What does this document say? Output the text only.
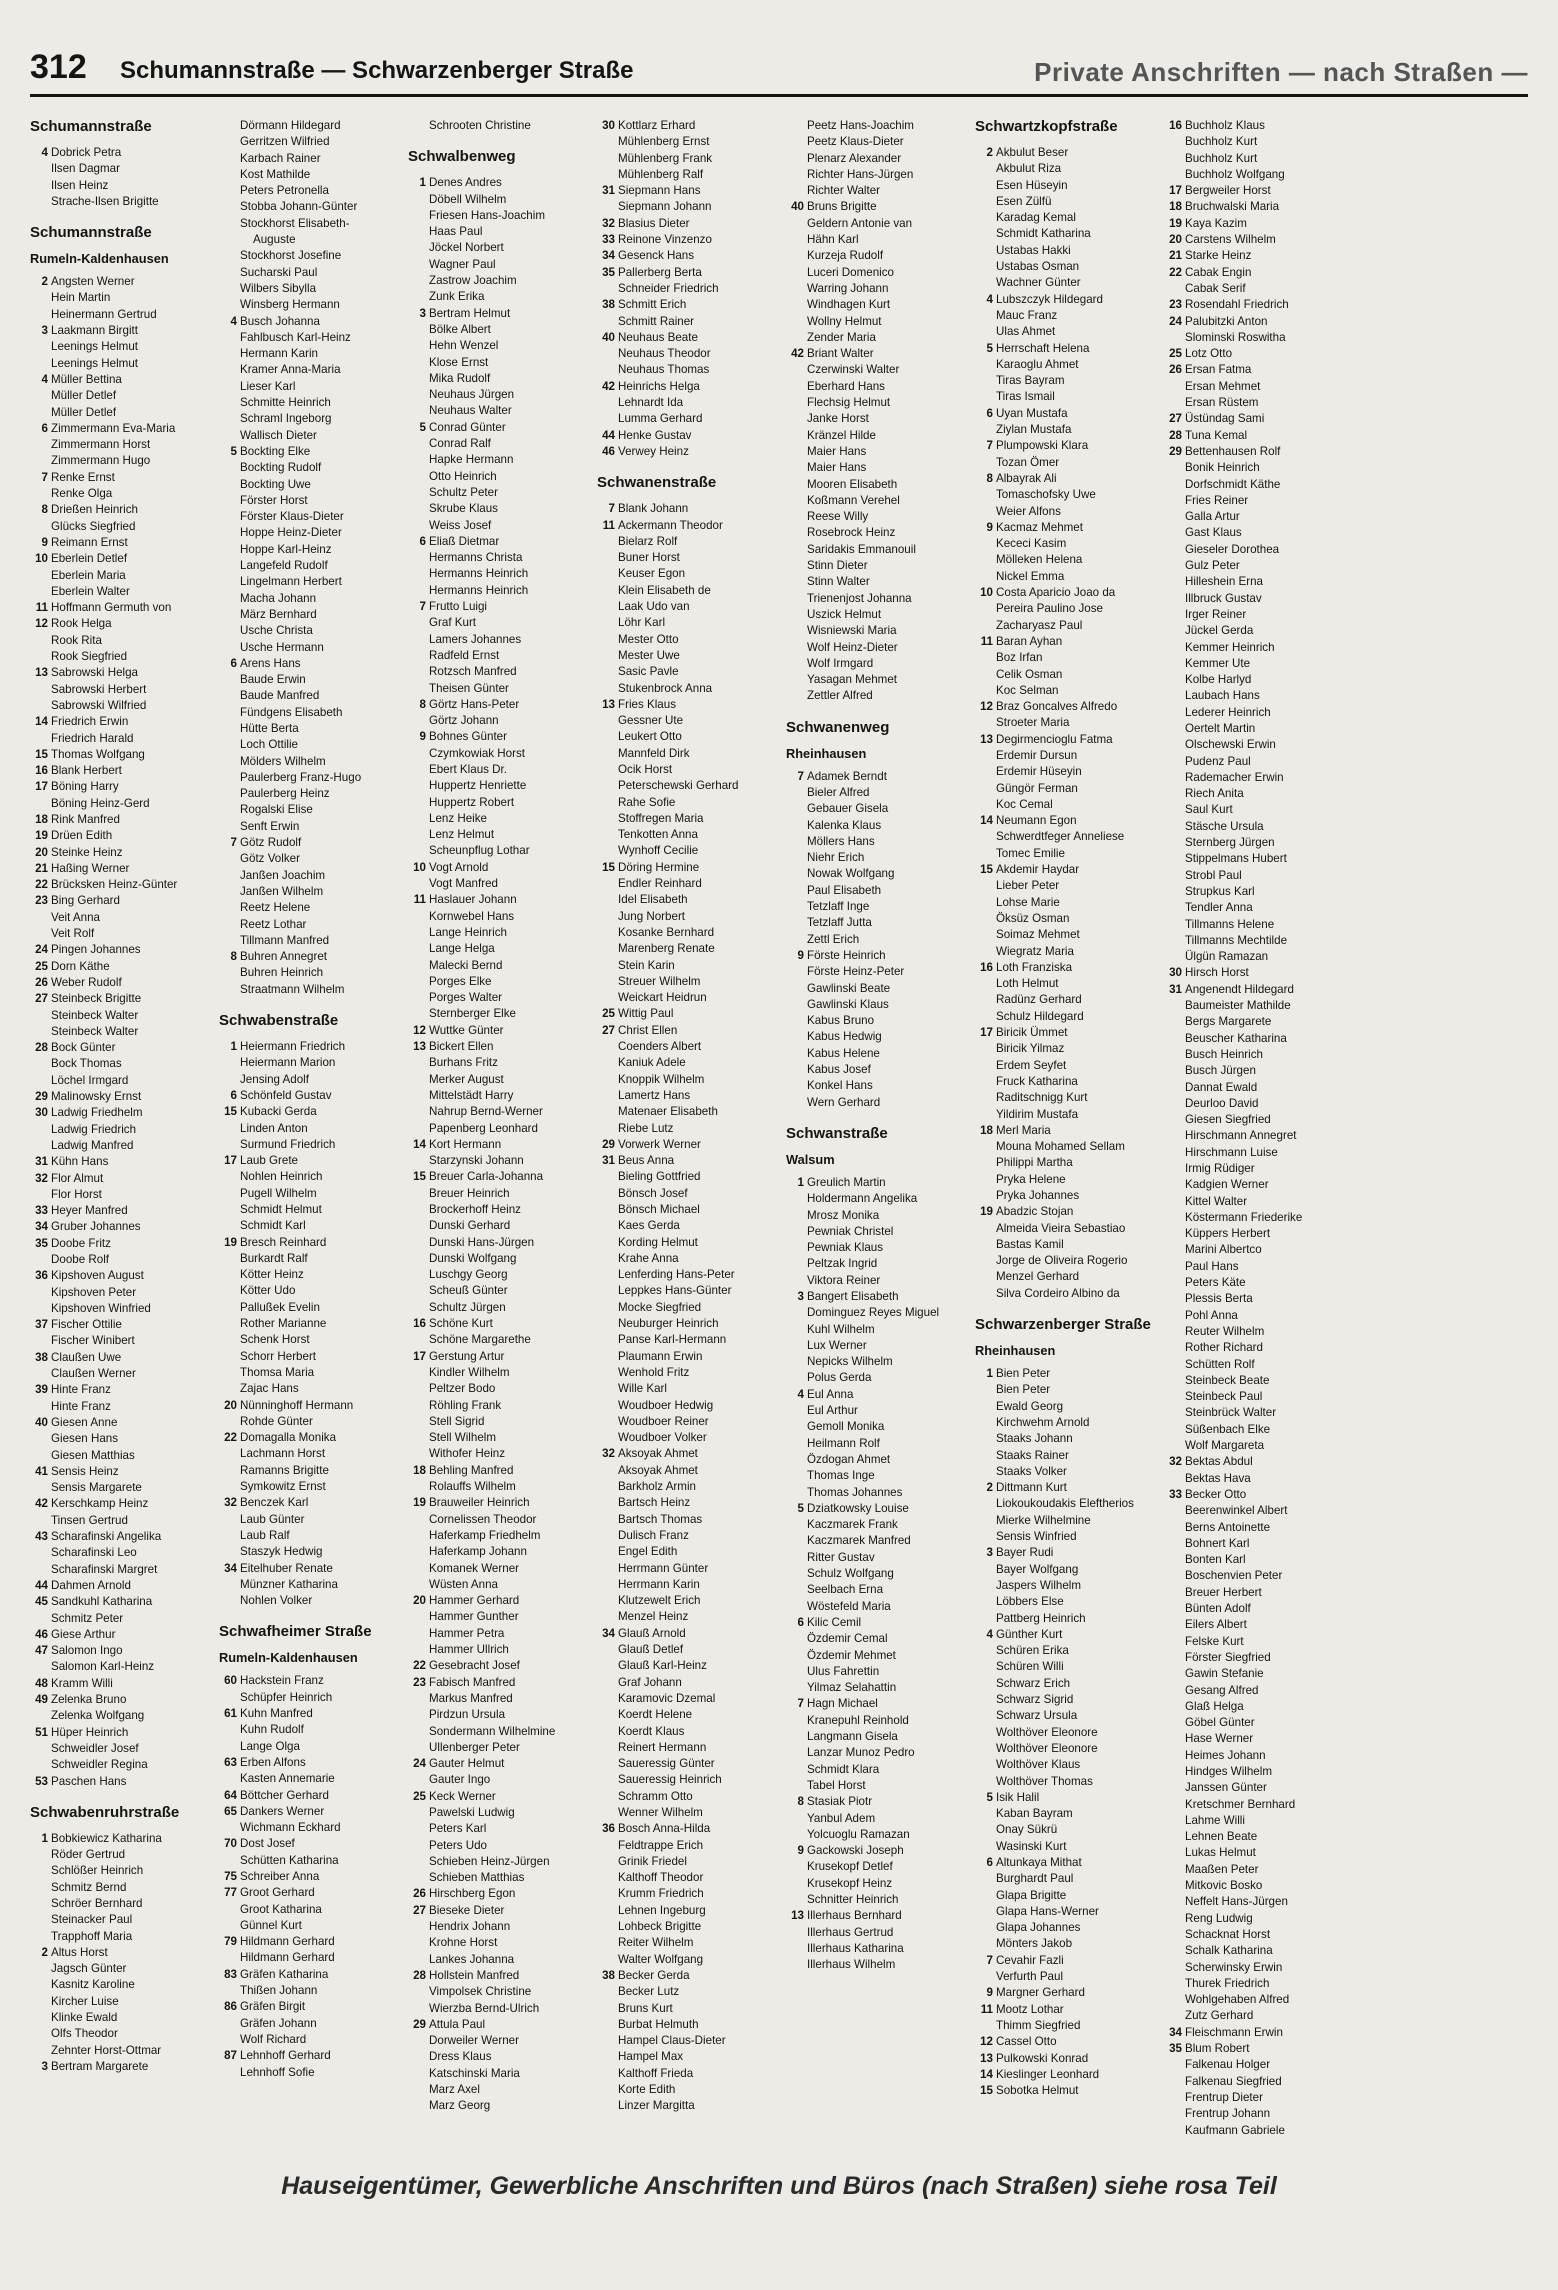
312 Schumannstraße — Schwarzenberger Straße	Private Anschriften — nach Straßen —
Schumannstraße
4 Dobrick Petra
Ilsen Dagmar
Ilsen Heinz
Strache-Ilsen Brigitte
Schumannstraße
Rumeln-Kaldenhausen
2 Angsten Werner
Hein Martin
Heinermann Gertrud
3 Laakmann Birgitt
Leenings Helmut
Leenings Helmut
4 Müller Bettina
Müller Detlef
Müller Detlef
6 Zimmermann Eva-Maria
Zimmermann Horst
Zimmermann Hugo
7 Renke Ernst
Renke Olga
8 Drießen Heinrich
Glücks Siegfried
9 Reimann Ernst
10 Eberlein Detlef
Eberlein Maria
Eberlein Walter
11 Hoffmann Germuth von
12 Rook Helga
Rook Rita
Rook Siegfried
13 Sabrowski Helga
Sabrowski Herbert
Sabrowski Wilfried
14 Friedrich Erwin
Friedrich Harald
15 Thomas Wolfgang
16 Blank Herbert
17 Böning Harry
Böning Heinz-Gerd
18 Rink Manfred
19 Drüen Edith
20 Steinke Heinz
21 Haßing Werner
22 Brücksken Heinz-Günter
23 Bing Gerhard
Veit Anna
Veit Rolf
24 Pingen Johannes
25 Dorn Käthe
26 Weber Rudolf
27 Steinbeck Brigitte
Steinbeck Walter
Steinbeck Walter
28 Bock Günter
Bock Thomas
Löchel Irmgard
29 Malinowsky Ernst
30 Ladwig Friedhelm
Ladwig Friedrich
Ladwig Manfred
31 Kühn Hans
32 Flor Almut
Flor Horst
33 Heyer Manfred
34 Gruber Johannes
35 Doobe Fritz
Doobe Rolf
36 Kipshoven August
Kipshoven Peter
Kipshoven Winfried
37 Fischer Ottilie
Fischer Winibert
38 Claußen Uwe
Claußen Werner
39 Hinte Franz
Hinte Franz
40 Giesen Anne
Giesen Hans
Giesen Matthias
41 Sensis Heinz
Sensis Margarete
42 Kerschkamp Heinz
Tinsen Gertrud
43 Scharafinski Angelika
Scharafinski Leo
Scharafinski Margret
44 Dahmen Arnold
45 Sandkuhl Katharina
Schmitz Peter
46 Giese Arthur
47 Salomon Ingo
Salomon Karl-Heinz
48 Kramm Willi
49 Zelenka Bruno
Zelenka Wolfgang
51 Hüper Heinrich
Schweidler Josef
Schweidler Regina
53 Paschen Hans
Schwabenruhrstraße
1 Bobkiewicz Katharina
Röder Gertrud
Schlößer Heinrich
Schmitz Bernd
Schröer Bernhard
Steinacker Paul
Trapphoff Maria
2 Altus Horst
Jagsch Günter
Kasnitz Karoline
Kircher Luise
Klinke Ewald
Olfs Theodor
Zehnter Horst-Ottmar
3 Bertram Margarete
Dörmann Hildegard
Gerritzen Wilfried
Karbach Rainer
Kost Mathilde
Peters Petronella
Stobba Johann-Günter
Stockhorst Elisabeth-
Auguste
Stockhorst Josefine
Sucharski Paul
Wilbers Sibylla
Winsberg Hermann
4 Busch Johanna
Fahlbusch Karl-Heinz
Hermann Karin
Kramer Anna-Maria
Lieser Karl
Schmitte Heinrich
Schraml Ingeborg
Wallisch Dieter
5 Bockting Elke
Bockting Rudolf
Bockting Uwe
Förster Horst
Förster Klaus-Dieter
Hoppe Heinz-Dieter
Hoppe Karl-Heinz
Langefeld Rudolf
Lingelmann Herbert
Macha Johann
März Bernhard
Usche Christa
Usche Hermann
6 Arens Hans
Baude Erwin
Baude Manfred
Fündgens Elisabeth
Hütte Berta
Loch Ottilie
Mölders Wilhelm
Paulerberg Franz-Hugo
Paulerberg Heinz
Rogalski Elise
Senft Erwin
7 Götz Rudolf
Götz Volker
Janßen Joachim
Janßen Wilhelm
Reetz Helene
Reetz Lothar
Tillmann Manfred
8 Buhren Annegret
Buhren Heinrich
Straatmann Wilhelm
Schwabenstraße
1 Heiermann Friedrich
Heiermann Marion
Jensing Adolf
6 Schönfeld Gustav
15 Kubacki Gerda
Linden Anton
Surmund Friedrich
17 Laub Grete
Nohlen Heinrich
Pugell Wilhelm
Schmidt Helmut
Schmidt Karl
19 Bresch Reinhard
Burkardt Ralf
Kötter Heinz
Kötter Udo
Pallußek Evelin
Rother Marianne
Schenk Horst
Schorr Herbert
Thomsa Maria
Zajac Hans
20 Nünninghoff Hermann
Rohde Günter
22 Domagalla Monika
Lachmann Horst
Ramanns Brigitte
Symkowitz Ernst
32 Benczek Karl
Laub Günter
Laub Ralf
Staszyk Hedwig
34 Eitelhuber Renate
Münzner Katharina
Nohlen Volker
Schwafheimer Straße
Rumeln-Kaldenhausen
60 Hackstein Franz
Schüpfer Heinrich
61 Kuhn Manfred
Kuhn Rudolf
Lange Olga
63 Erben Alfons
Kasten Annemarie
64 Böttcher Gerhard
65 Dankers Werner
Wichmann Eckhard
70 Dost Josef
Schütten Katharina
75 Schreiber Anna
77 Groot Gerhard
Groot Katharina
Günnel Kurt
79 Hildmann Gerhard
Hildmann Gerhard
83 Gräfen Katharina
Thißen Johann
86 Gräfen Birgit
Gräfen Johann
Wolf Richard
87 Lehnhoff Gerhard
Lehnhoff Sofie
Schrooten Christine
Schwalbenweg
1 Denes Andres
Döbell Wilhelm
Friesen Hans-Joachim
Haas Paul
Jöckel Norbert
Wagner Paul
Zastrow Joachim
Zunk Erika
3 Bertram Helmut
Bölke Albert
Hehn Wenzel
Klose Ernst
Mika Rudolf
Neuhaus Jürgen
Neuhaus Walter
5 Conrad Günter
Conrad Ralf
Hapke Hermann
Otto Heinrich
Schultz Peter
Skrube Klaus
Weiss Josef
6 Eliaß Dietmar
Hermanns Christa
Hermanns Heinrich
Hermanns Heinrich
7 Frutto Luigi
Graf Kurt
Lamers Johannes
Radfeld Ernst
Rotzsch Manfred
Theisen Günter
8 Görtz Hans-Peter
Görtz Johann
9 Bohnes Günter
Czymkowiak Horst
Ebert Klaus Dr.
Huppertz Henriette
Huppertz Robert
Lenz Heike
Lenz Helmut
Scheunpflug Lothar
10 Vogt Arnold
Vogt Manfred
11 Haslauer Johann
Kornwebel Hans
Lange Heinrich
Lange Helga
Malecki Bernd
Porges Elke
Porges Walter
Sternberger Elke
12 Wuttke Günter
13 Bickert Ellen
Burhans Fritz
Merker August
Mittelstädt Harry
Nahrup Bernd-Werner
Papenberg Leonhard
14 Kort Hermann
Starzynski Johann
15 Breuer Carla-Johanna
Breuer Heinrich
Brockerhoff Heinz
Dunski Gerhard
Dunski Hans-Jürgen
Dunski Wolfgang
Luschgy Georg
Scheuß Günter
Schultz Jürgen
16 Schöne Kurt
Schöne Margarethe
17 Gerstung Artur
Kindler Wilhelm
Peltzer Bodo
Röhling Frank
Stell Sigrid
Stell Wilhelm
Withofer Heinz
18 Behling Manfred
Rolauffs Wilhelm
19 Brauweiler Heinrich
Cornelissen Theodor
Haferkamp Friedhelm
Haferkamp Johann
Komanek Werner
Wüsten Anna
20 Hammer Gerhard
Hammer Gunther
Hammer Petra
Hammer Ullrich
22 Gesebracht Josef
23 Fabisch Manfred
Markus Manfred
Pirdzun Ursula
Sondermann Wilhelmine
Ullenberger Peter
24 Gauter Helmut
Gauter Ingo
25 Keck Werner
Pawelski Ludwig
Peters Karl
Peters Udo
Schieben Heinz-Jürgen
Schieben Matthias
26 Hirschberg Egon
27 Bieseke Dieter
Hendrix Johann
Krohne Horst
Lankes Johanna
28 Hollstein Manfred
Vimpolsek Christine
Wierzba Bernd-Ulrich
29 Attula Paul
Dorweiler Werner
Dress Klaus
Katschinski Maria
Marz Axel
Marz Georg
30 Kottlarz Erhard
Mühlenberg Ernst
Mühlenberg Frank
Mühlenberg Ralf
31 Siepmann Hans
Siepmann Johann
32 Blasius Dieter
33 Reinone Vinzenzo
34 Gesenck Hans
35 Pallerberg Berta
Schneider Friedrich
38 Schmitt Erich
Schmitt Rainer
40 Neuhaus Beate
Neuhaus Theodor
Neuhaus Thomas
42 Heinrichs Helga
Lehnardt Ida
Lumma Gerhard
44 Henke Gustav
46 Verwey Heinz
Schwanenstraße
7 Blank Johann
11 Ackermann Theodor
Bielarz Rolf
Buner Horst
Keuser Egon
Klein Elisabeth de
Laak Udo van
Löhr Karl
Mester Otto
Mester Uwe
Sasic Pavle
Stukenbrock Anna
13 Fries Klaus
Gessner Ute
Leukert Otto
Mannfeld Dirk
Ocik Horst
Peterschewski Gerhard
Rahe Sofie
Stoffregen Maria
Tenkotten Anna
Wynhoff Cecilie
15 Döring Hermine
Endler Reinhard
Idel Elisabeth
Jung Norbert
Kosanke Bernhard
Marenberg Renate
Stein Karin
Streuer Wilhelm
Weickart Heidrun
25 Wittig Paul
27 Christ Ellen
Coenders Albert
Kaniuk Adele
Knoppik Wilhelm
Lamertz Hans
Matenaer Elisabeth
Riebe Lutz
29 Vorwerk Werner
31 Beus Anna
Bieling Gottfried
Bönsch Josef
Bönsch Michael
Kaes Gerda
Kording Helmut
Krahe Anna
Lenferding Hans-Peter
Leppkes Hans-Günter
Mocke Siegfried
Neuburger Heinrich
Panse Karl-Hermann
Plaumann Erwin
Wenhold Fritz
Wille Karl
Woudboer Hedwig
Woudboer Reiner
Woudboer Volker
32 Aksoyak Ahmet
Aksoyak Ahmet
Barkholz Armin
Bartsch Heinz
Bartsch Thomas
Dulisch Franz
Engel Edith
Herrmann Günter
Herrmann Karin
Klutzewelt Erich
Menzel Heinz
34 Glauß Arnold
Glauß Detlef
Glauß Karl-Heinz
Graf Johann
Karamovic Dzemal
Koerdt Helene
Koerdt Klaus
Reinert Hermann
Saueressig Günter
Saueressig Heinrich
Schramm Otto
Wenner Wilhelm
36 Bosch Anna-Hilda
Feldtrappe Erich
Grinik Friedel
Kalthoff Theodor
Krumm Friedrich
Lehnen Ingeburg
Lohbeck Brigitte
Reiter Wilhelm
Walter Wolfgang
38 Becker Gerda
Becker Lutz
Bruns Kurt
Burbat Helmuth
Hampel Claus-Dieter
Hampel Max
Kalthoff Frieda
Korte Edith
Linzer Margitta
Peetz Hans-Joachim
Peetz Klaus-Dieter
Plenarz Alexander
Richter Hans-Jürgen
Richter Walter
40 Bruns Brigitte
Geldern Antonie van
Hähn Karl
Kurzeja Rudolf
Luceri Domenico
Warring Johann
Windhagen Kurt
Wollny Helmut
Zender Maria
42 Briant Walter
Czerwinski Walter
Eberhard Hans
Flechsig Helmut
Janke Horst
Kränzel Hilde
Maier Hans
Maier Hans
Mooren Elisabeth
Koßmann Verehel
Reese Willy
Rosebrock Heinz
Saridakis Emmanouil
Stinn Dieter
Stinn Walter
Trienenjost Johanna
Uszick Helmut
Wisniewski Maria
Wolf Heinz-Dieter
Wolf Irmgard
Yasagan Mehmet
Zettler Alfred
Schwanenweg
Rheinhausen
7 Adamek Berndt
Bieler Alfred
Gebauer Gisela
Kalenka Klaus
Möllers Hans
Niehr Erich
Nowak Wolfgang
Paul Elisabeth
Tetzlaff Inge
Tetzlaff Jutta
Zettl Erich
9 Förste Heinrich
Förste Heinz-Peter
Gawlinski Beate
Gawlinski Klaus
Kabus Bruno
Kabus Hedwig
Kabus Helene
Kabus Josef
Konkel Hans
Wern Gerhard
Schwanstraße
Walsum
1 Greulich Martin
Holdermann Angelika
Mrosz Monika
Pewniak Christel
Pewniak Klaus
Peltzak Ingrid
Viktora Reiner
3 Bangert Elisabeth
Dominguez Reyes Miguel
Kuhl Wilhelm
Lux Werner
Nepicks Wilhelm
Polus Gerda
4 Eul Anna
Eul Arthur
Gemoll Monika
Heilmann Rolf
Özdogan Ahmet
Thomas Inge
Thomas Johannes
5 Dziatkowsky Louise
Kaczmarek Frank
Kaczmarek Manfred
Ritter Gustav
Schulz Wolfgang
Seelbach Erna
Wöstefeld Maria
6 Kilic Cemil
Özdemir Cemal
Özdemir Mehmet
Ulus Fahrettin
Yilmaz Selahattin
7 Hagn Michael
Kranepuhl Reinhold
Langmann Gisela
Lanzar Munoz Pedro
Schmidt Klara
Tabel Horst
8 Stasiak Piotr
Yanbul Adem
Yolcuoglu Ramazan
9 Gackowski Joseph
Krusekopf Detlef
Krusekopf Heinz
Schnitter Heinrich
13 Illerhaus Bernhard
Illerhaus Gertrud
Illerhaus Katharina
Illerhaus Wilhelm
Schwartzkopfstraße
2 Akbulut Beser
Akbulut Riza
Esen Hüseyin
Esen Zülfü
Karadag Kemal
Schmidt Katharina
Ustabas Hakki
Ustabas Osman
Wachner Günter
4 Lubszczyk Hildegard
Mauc Franz
Ulas Ahmet
5 Herrschaft Helena
Karaoglu Ahmet
Tiras Bayram
Tiras Ismail
6 Uyan Mustafa
Ziylan Mustafa
7 Plumpowski Klara
Tozan Ömer
8 Albayrak Ali
Tomaschofsky Uwe
Weier Alfons
9 Kacmaz Mehmet
Kececi Kasim
Mölleken Helena
Nickel Emma
10 Costa Aparicio Joao da
Pereira Paulino Jose
Zacharyasz Paul
11 Baran Ayhan
Boz Irfan
Celik Osman
Koc Selman
12 Braz Goncalves Alfredo
Stroeter Maria
13 Degirmencioglu Fatma
Erdemir Dursun
Erdemir Hüseyin
Güngör Ferman
Koc Cemal
14 Neumann Egon
Schwerdtfeger Anneliese
Tomec Emilie
15 Akdemir Haydar
Lieber Peter
Lohse Marie
Öksüz Osman
Soimaz Mehmet
Wiegratz Maria
16 Loth Franziska
Loth Helmut
Radünz Gerhard
Schulz Hildegard
17 Biricik Ümmet
Biricik Yilmaz
Erdem Seyfet
Fruck Katharina
Raditschnigg Kurt
Yildirim Mustafa
18 Merl Maria
Mouna Mohamed Sellam
Philippi Martha
Pryka Helene
Pryka Johannes
19 Abadzic Stojan
Almeida Vieira Sebastiao
Bastas Kamil
Jorge de Oliveira Rogerio
Menzel Gerhard
Silva Cordeiro Albino da
Schwarzenberger Straße
Rheinhausen
1 Bien Peter
Bien Peter
Ewald Georg
Kirchwehm Arnold
Staaks Johann
Staaks Rainer
Staaks Volker
2 Dittmann Kurt
Liokoukoudakis Eleftherios
Mierke Wilhelmine
Sensis Winfried
3 Bayer Rudi
Bayer Wolfgang
Jaspers Wilhelm
Löbbers Else
Pattberg Heinrich
4 Günther Kurt
Schüren Erika
Schüren Willi
Schwarz Erich
Schwarz Sigrid
Schwarz Ursula
Wolthöver Eleonore
Wolthöver Eleonore
Wolthöver Klaus
Wolthöver Thomas
5 Isik Halil
Kaban Bayram
Onay Sükrü
Wasinski Kurt
6 Altunkaya Mithat
Burghardt Paul
Glapa Brigitte
Glapa Hans-Werner
Glapa Johannes
Mönters Jakob
7 Cevahir Fazli
Verfurth Paul
9 Margner Gerhard
11 Mootz Lothar
Thimm Siegfried
12 Cassel Otto
13 Pulkowski Konrad
14 Kieslinger Leonhard
15 Sobotka Helmut
16 Buchholz Klaus
Buchholz Kurt
Buchholz Kurt
Buchholz Wolfgang
17 Bergweiler Horst
18 Bruchwalski Maria
19 Kaya Kazim
20 Carstens Wilhelm
21 Starke Heinz
22 Cabak Engin
Cabak Serif
23 Rosendahl Friedrich
24 Palubitzki Anton
Slominski Roswitha
25 Lotz Otto
26 Ersan Fatma
Ersan Mehmet
Ersan Rüstem
27 Üstündag Sami
28 Tuna Kemal
29 Bettenhausen Rolf
Bonik Heinrich
Dorfschmidt Käthe
Fries Reiner
Galla Artur
Gast Klaus
Gieseler Dorothea
Gulz Peter
Hilleshein Erna
Illbruck Gustav
Irger Reiner
Jückel Gerda
Kemmer Heinrich
Kemmer Ute
Kolbe Harlyd
Laubach Hans
Lederer Heinrich
Oertelt Martin
Olschewski Erwin
Pudenz Paul
Rademacher Erwin
Riech Anita
Saul Kurt
Stäsche Ursula
Sternberg Jürgen
Stippelmans Hubert
Strobl Paul
Strupkus Karl
Tendler Anna
Tillmanns Helene
Tillmanns Mechtilde
Ülgün Ramazan
30 Hirsch Horst
31 Angenendt Hildegard
Baumeister Mathilde
Bergs Margarete
Beuscher Katharina
Busch Heinrich
Busch Jürgen
Dannat Ewald
Deurloo David
Giesen Siegfried
Hirschmann Annegret
Hirschmann Luise
Irmig Rüdiger
Kadgien Werner
Kittel Walter
Köstermann Friederike
Küppers Herbert
Marini Albertco
Paul Hans
Peters Käte
Plessis Berta
Pohl Anna
Reuter Wilhelm
Rother Richard
Schütten Rolf
Steinbeck Beate
Steinbeck Paul
Steinbrück Walter
Süßenbach Elke
Wolf Margareta
32 Bektas Abdul
Bektas Hava
33 Becker Otto
Beerenwinkel Albert
Berns Antoinette
Bohnert Karl
Bonten Karl
Boschenvien Peter
Breuer Herbert
Bünten Adolf
Eilers Albert
Felske Kurt
Förster Siegfried
Gawin Stefanie
Gesang Alfred
Glaß Helga
Göbel Günter
Hase Werner
Heimes Johann
Hindges Wilhelm
Janssen Günter
Kretschmer Bernhard
Lahme Willi
Lehnen Beate
Lukas Helmut
Maaßen Peter
Mitkovic Bosko
Neffelt Hans-Jürgen
Reng Ludwig
Schacknat Horst
Schalk Katharina
Scherwinsky Erwin
Thurek Friedrich
Wohlgehaben Alfred
Zutz Gerhard
34 Fleischmann Erwin
35 Blum Robert
Falkenau Holger
Falkenau Siegfried
Frentrup Dieter
Frentrup Johann
Kaufmann Gabriele
Hauseigentümer, Gewerbliche Anschriften und Büros (nach Straßen) siehe rosa Teil
